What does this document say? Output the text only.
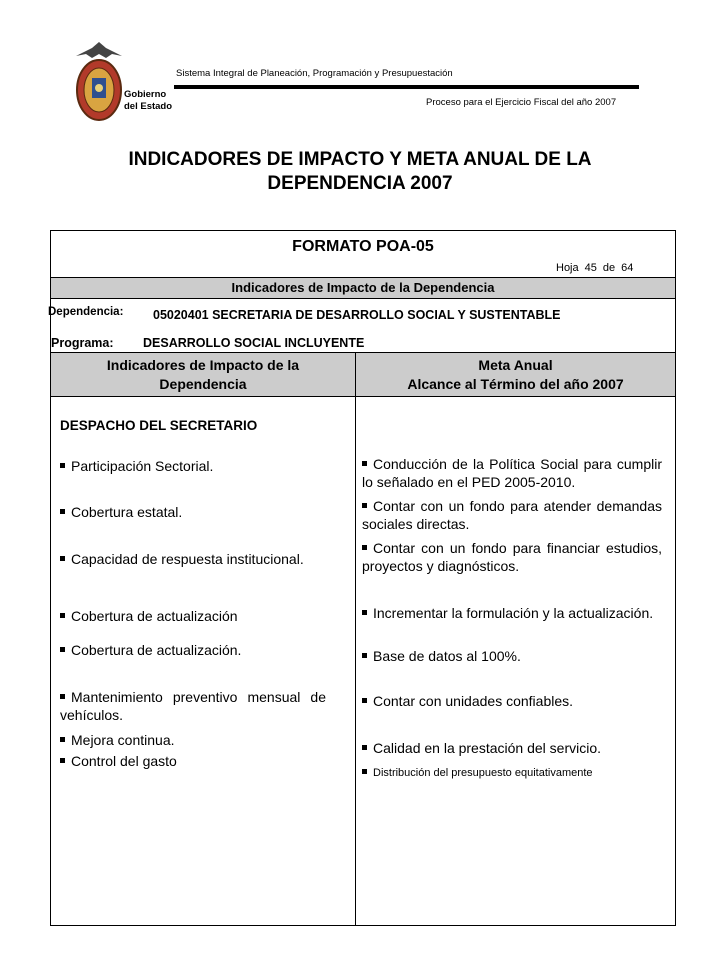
Gobierno
del Estado
Sistema Integral de Planeación, Programación y Presupuestación
Proceso para el Ejercicio Fiscal del año 2007
INDICADORES DE IMPACTO Y META ANUAL DE LA
DEPENDENCIA 2007
FORMATO POA-05
Hoja 45 de 64
Indicadores de Impacto de la Dependencia
Dependencia: 05020401 SECRETARIA DE DESARROLLO SOCIAL Y SUSTENTABLE
Programa: DESARROLLO SOCIAL INCLUYENTE
Indicadores de Impacto de la
Dependencia
Meta Anual
Alcance al Término del año 2007
DESPACHO DEL SECRETARIO
Participación Sectorial.
Cobertura estatal.
Capacidad de respuesta institucional.
Cobertura de actualización
Cobertura de actualización.
Mantenimiento preventivo mensual de vehículos.
Mejora continua.
Control del gasto
Conducción de la Política Social para cumplir lo señalado en el PED 2005-2010.
Contar con un fondo para atender demandas sociales directas.
Contar con un fondo para financiar estudios, proyectos y diagnósticos.
Incrementar la formulación y la actualización.
Base de datos al 100%.
Contar con unidades confiables.
Calidad en la prestación del servicio.
Distribución del presupuesto equitativamente
